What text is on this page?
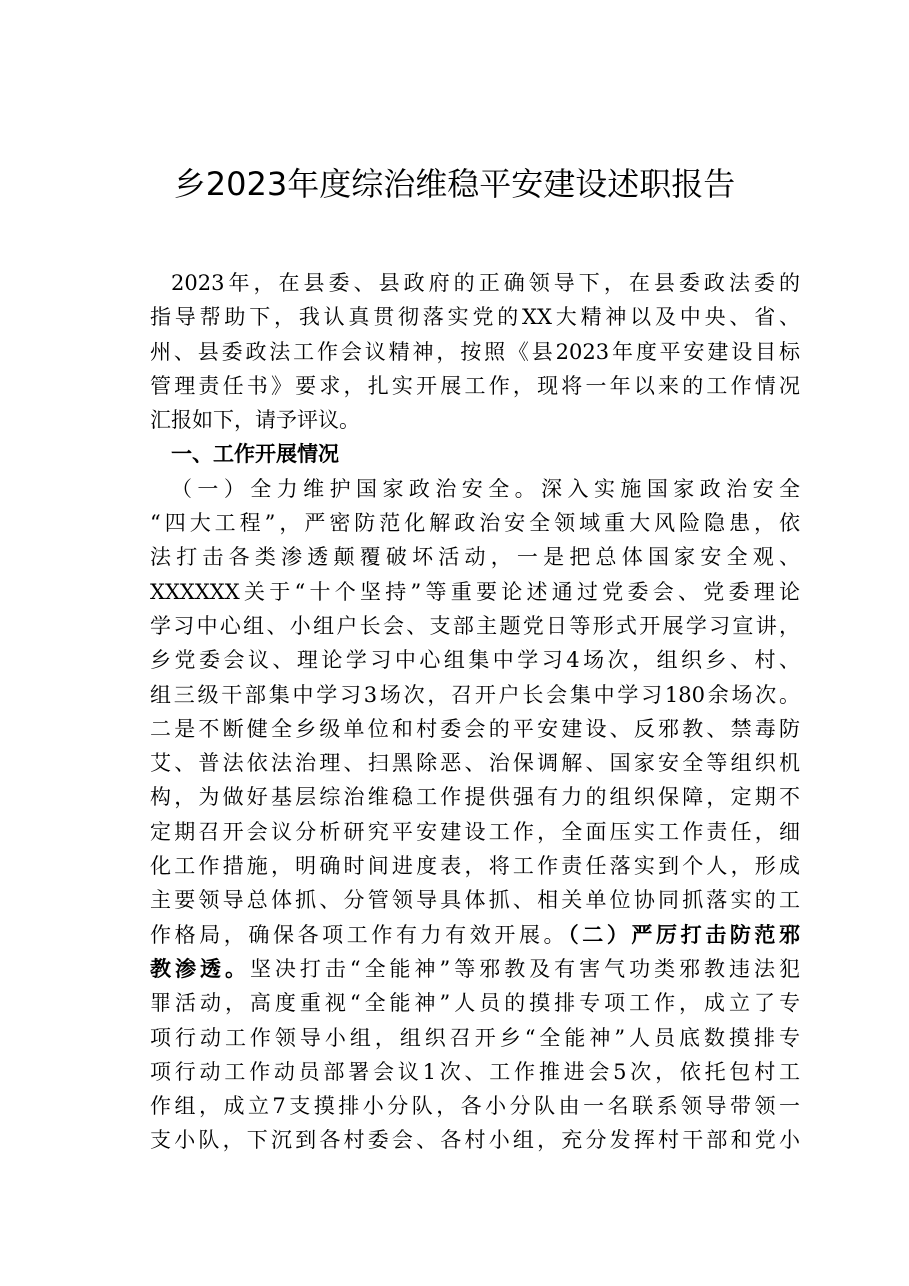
乡2023年度综治维稳平安建设述职报告
2023年，在县委、县政府的正确领导下，在县委政法委的
指导帮助下，我认真贯彻落实党的XX大精神以及中央、省、
州、县委政法工作会议精神，按照《县2023年度平安建设目标
管理责任书》要求，扎实开展工作，现将一年以来的工作情况
汇报如下，请予评议。
一、工作开展情况
（一）全力维护国家政治安全。深入实施国家政治安全
“四大工程”，严密防范化解政治安全领域重大风险隐患，依
法打击各类渗透颠覆破坏活动，一是把总体国家安全观、
XXXXXX关于“十个坚持”等重要论述通过党委会、党委理论
学习中心组、小组户长会、支部主题党日等形式开展学习宣讲，
乡党委会议、理论学习中心组集中学习4场次，组织乡、村、
组三级干部集中学习3场次，召开户长会集中学习180余场次。
二是不断健全乡级单位和村委会的平安建设、反邪教、禁毒防
艾、普法依法治理、扫黑除恶、治保调解、国家安全等组织机
构，为做好基层综治维稳工作提供强有力的组织保障，定期不
定期召开会议分析研究平安建设工作，全面压实工作责任，细
化工作措施，明确时间进度表，将工作责任落实到个人，形成
主要领导总体抓、分管领导具体抓、相关单位协同抓落实的工
作格局，确保各项工作有力有效开展。（二）严厉打击防范邪
教渗透。坚决打击“全能神”等邪教及有害气功类邪教违法犯
罪活动，高度重视“全能神”人员的摸排专项工作，成立了专
项行动工作领导小组，组织召开乡“全能神”人员底数摸排专
项行动工作动员部署会议1次、工作推进会5次，依托包村工
作组，成立7支摸排小分队，各小分队由一名联系领导带领一
支小队，下沉到各村委会、各村小组，充分发挥村干部和党小
